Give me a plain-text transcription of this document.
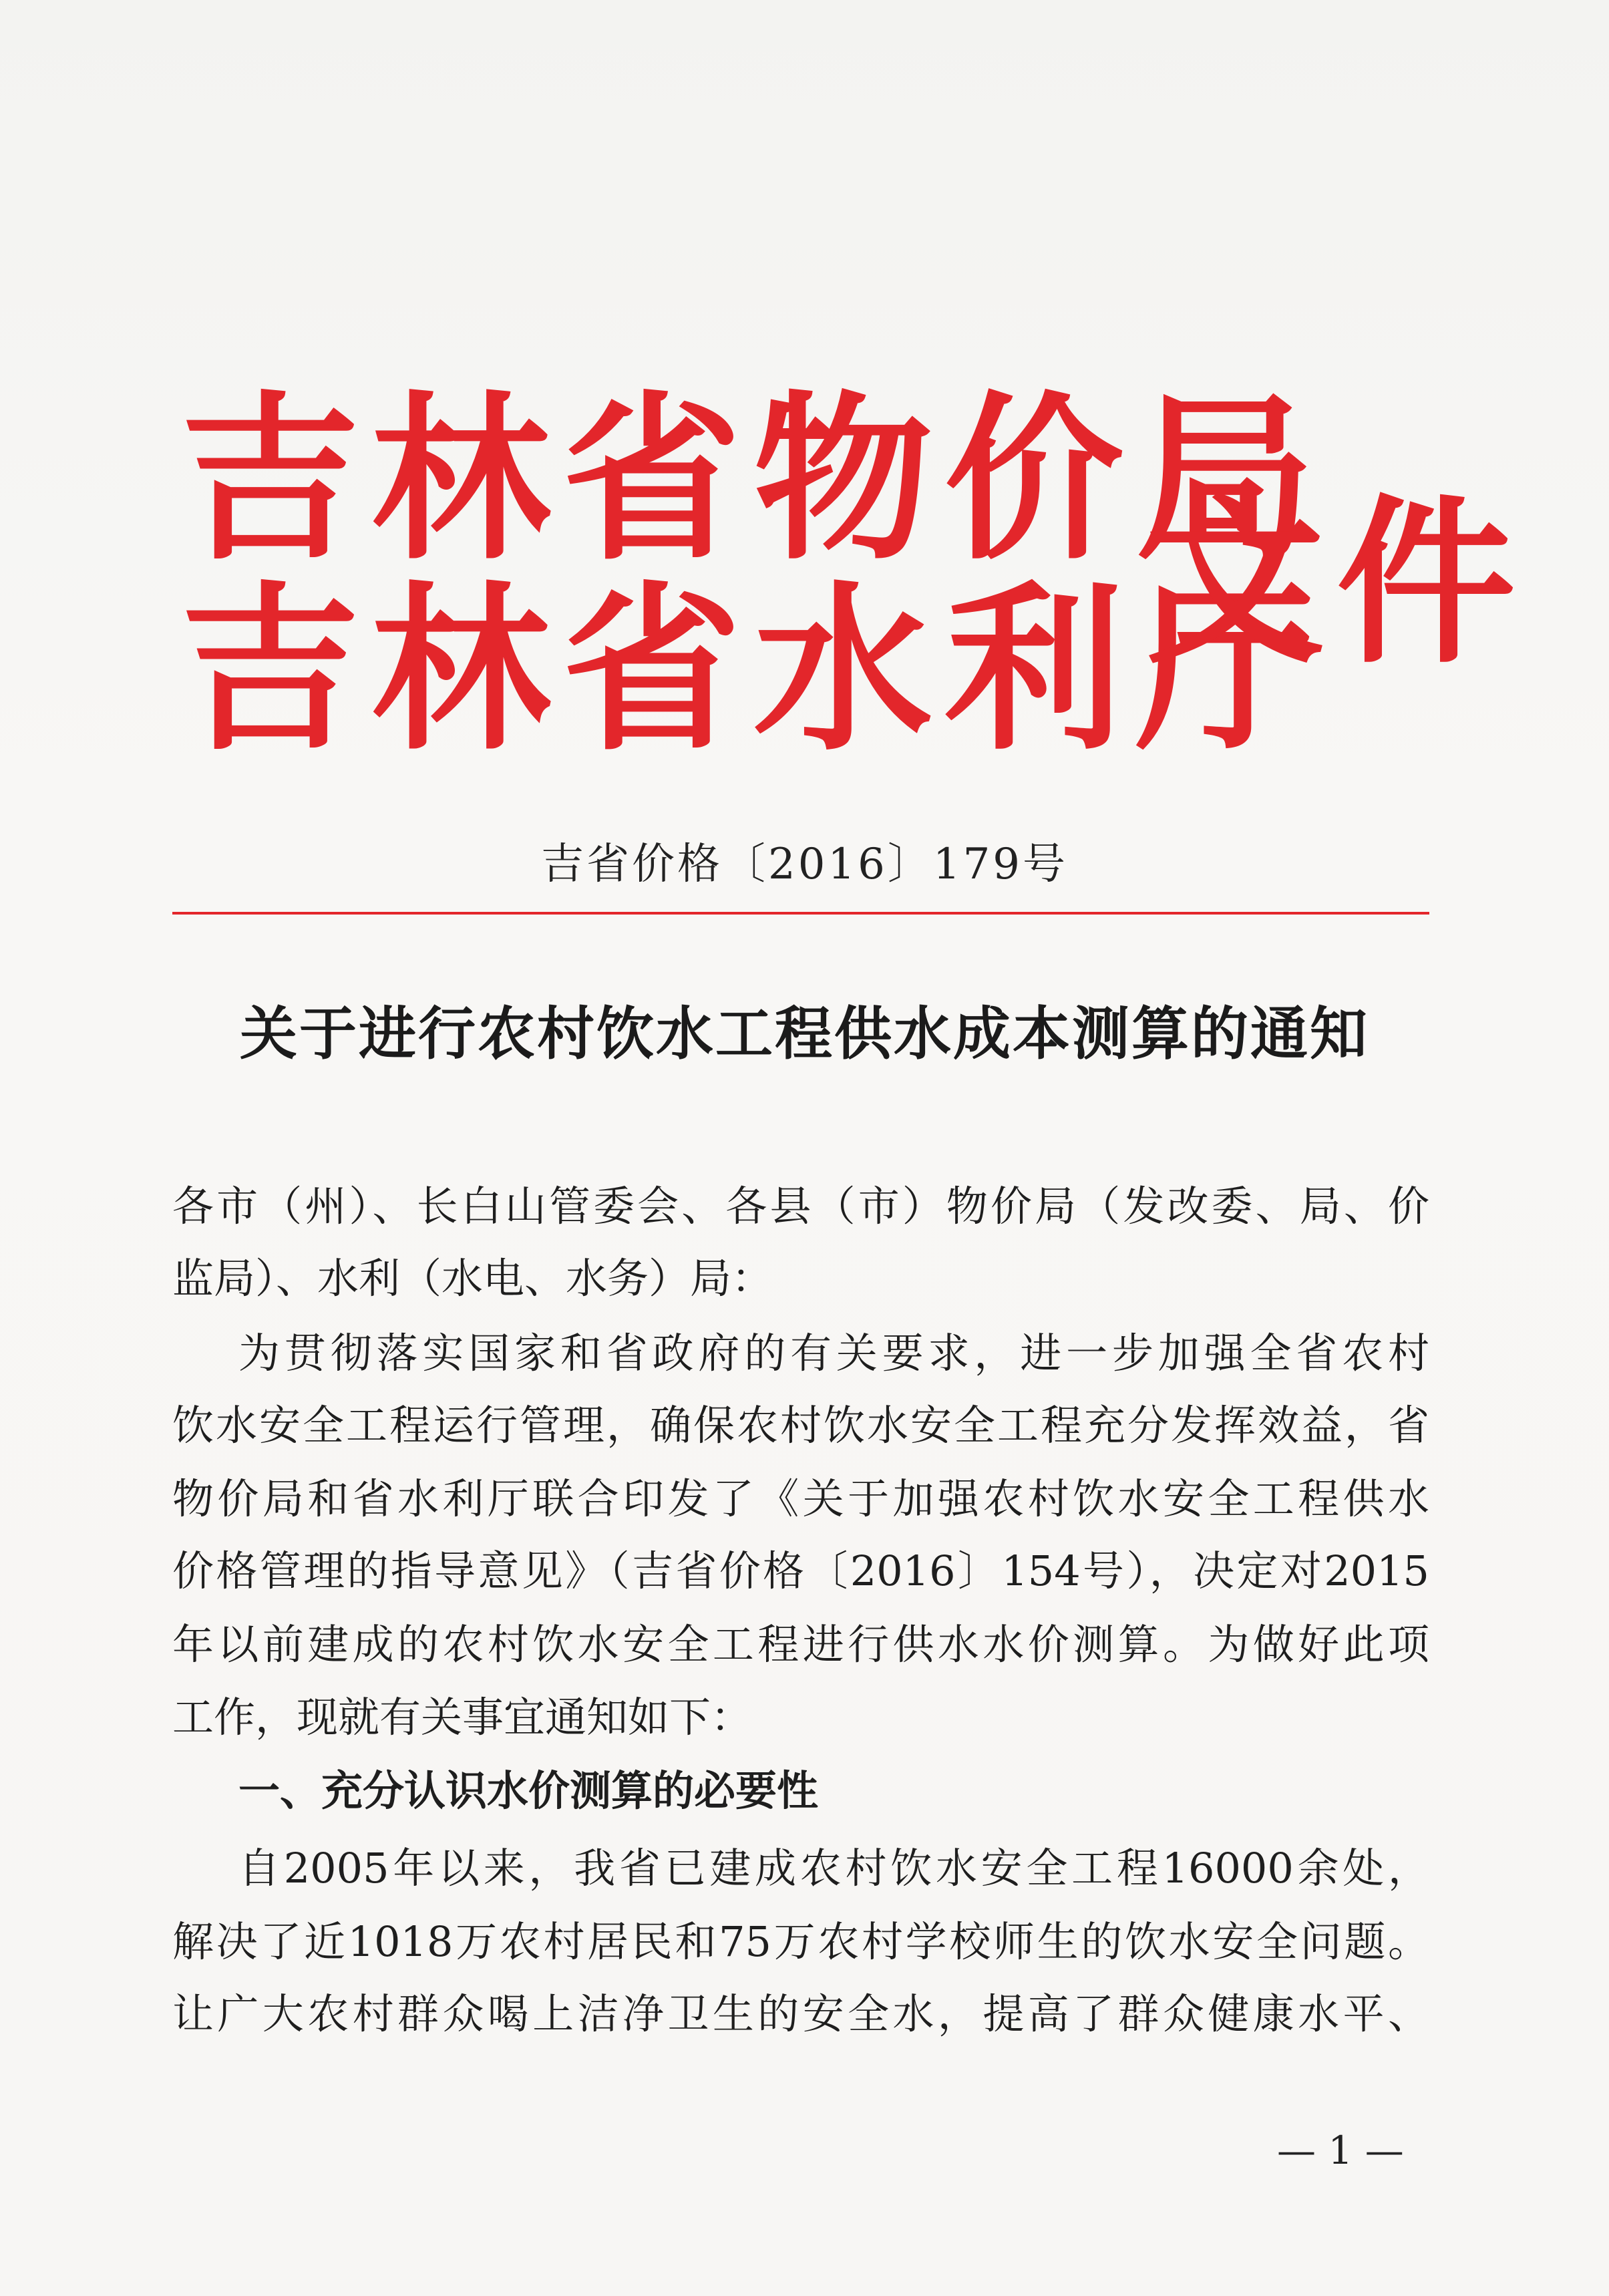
吉林省物价局
吉林省水利厅
文件
吉省价格〔2016〕179号
关于进行农村饮水工程供水成本测算的通知
各市（州）、长白山管委会、各县（市）物价局（发改委、局、价
监局）、水利（水电、水务）局：
为贯彻落实国家和省政府的有关要求，进一步加强全省农村
饮水安全工程运行管理，确保农村饮水安全工程充分发挥效益，省
物价局和省水利厅联合印发了《关于加强农村饮水安全工程供水
价格管理的指导意见》（吉省价格〔2016〕154号），决定对2015
年以前建成的农村饮水安全工程进行供水水价测算。为做好此项
工作，现就有关事宜通知如下：
一、充分认识水价测算的必要性
自2005年以来，我省已建成农村饮水安全工程16000余处，
解决了近1018万农村居民和75万农村学校师生的饮水安全问题。
让广大农村群众喝上洁净卫生的安全水，提高了群众健康水平、
— 1 —
